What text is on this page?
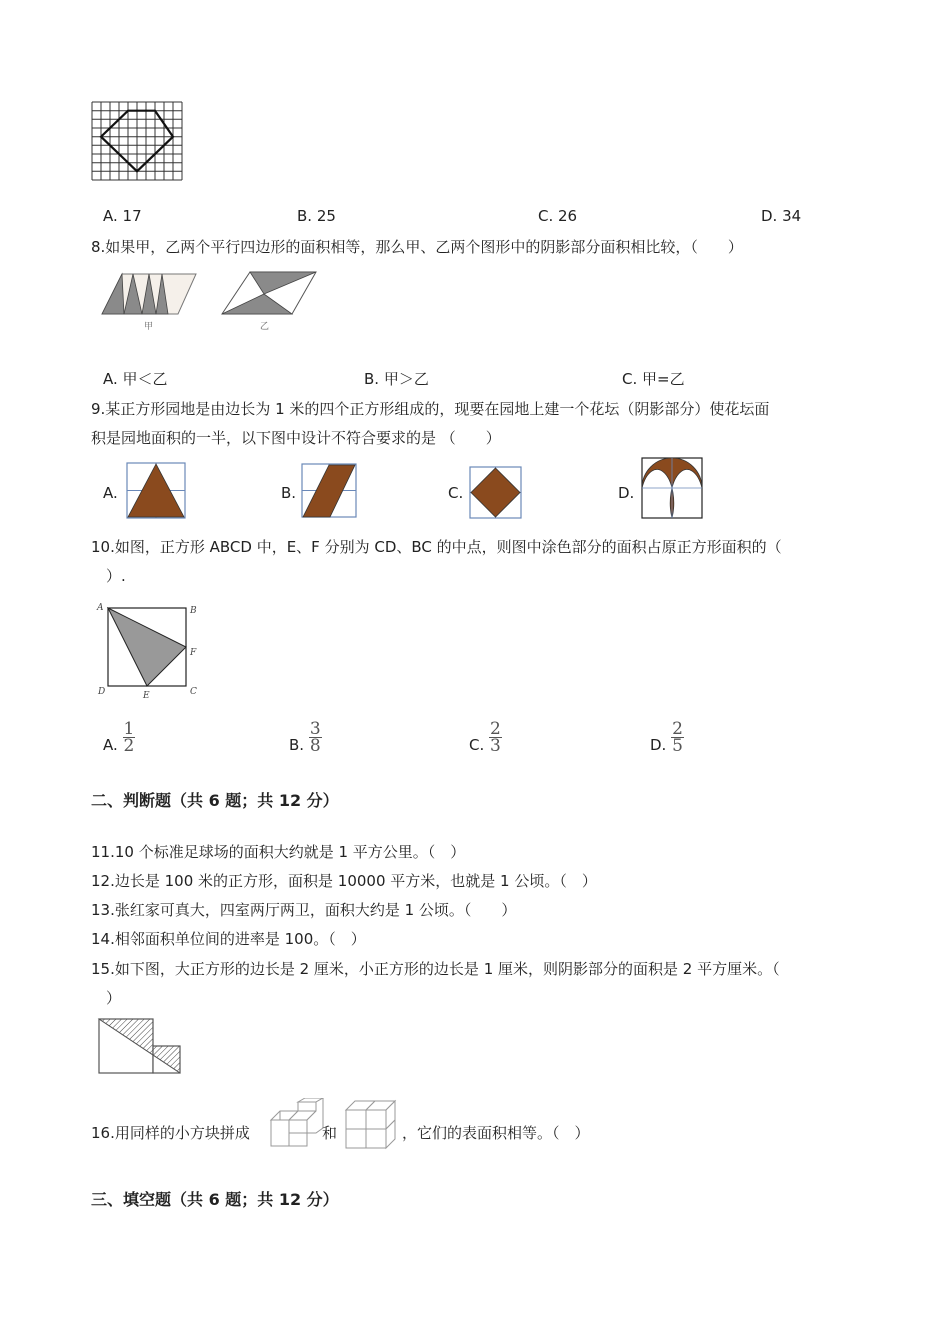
A. 17	B. 25	C. 26	D. 34
8.如果甲，乙两个平行四边形的面积相等，那么甲、乙两个图形中的阴影部分面积相比较，（　　）
甲	乙
A. 甲＜乙	B. 甲＞乙	C. 甲=乙
9.某正方形园地是由边长为 1 米的四个正方形组成的，现要在园地上建一个花坛（阴影部分）使花坛面
积是园地面积的一半，以下图中设计不符合要求的是 （　　）
A.	B.	C.	D.
10.如图，正方形 ABCD 中，E、F 分别为 CD、BC 的中点，则图中涂色部分的面积占原正方形面积的（
　）.
A	B
C
D	E
F
A. $\frac{1}{2}$	B. $\frac{3}{8}$	C. $\frac{2}{3}$	D. $\frac{2}{5}$
二、判断题（共 6 题；共 12 分）
11.10 个标准足球场的面积大约就是 1 平方公里。（　）
12.边长是 100 米的正方形，面积是 10000 平方米，也就是 1 公顷。（　）
13.张红家可真大，四室两厅两卫，面积大约是 1 公顷。（　　）
14.相邻面积单位间的进率是 100。（　）
15.如下图，大正方形的边长是 2 厘米，小正方形的边长是 1 厘米，则阴影部分的面积是 2 平方厘米。（
　）
16.用同样的小方块拼成	和	，它们的表面积相等。（　）
三、填空题（共 6 题；共 12 分）
